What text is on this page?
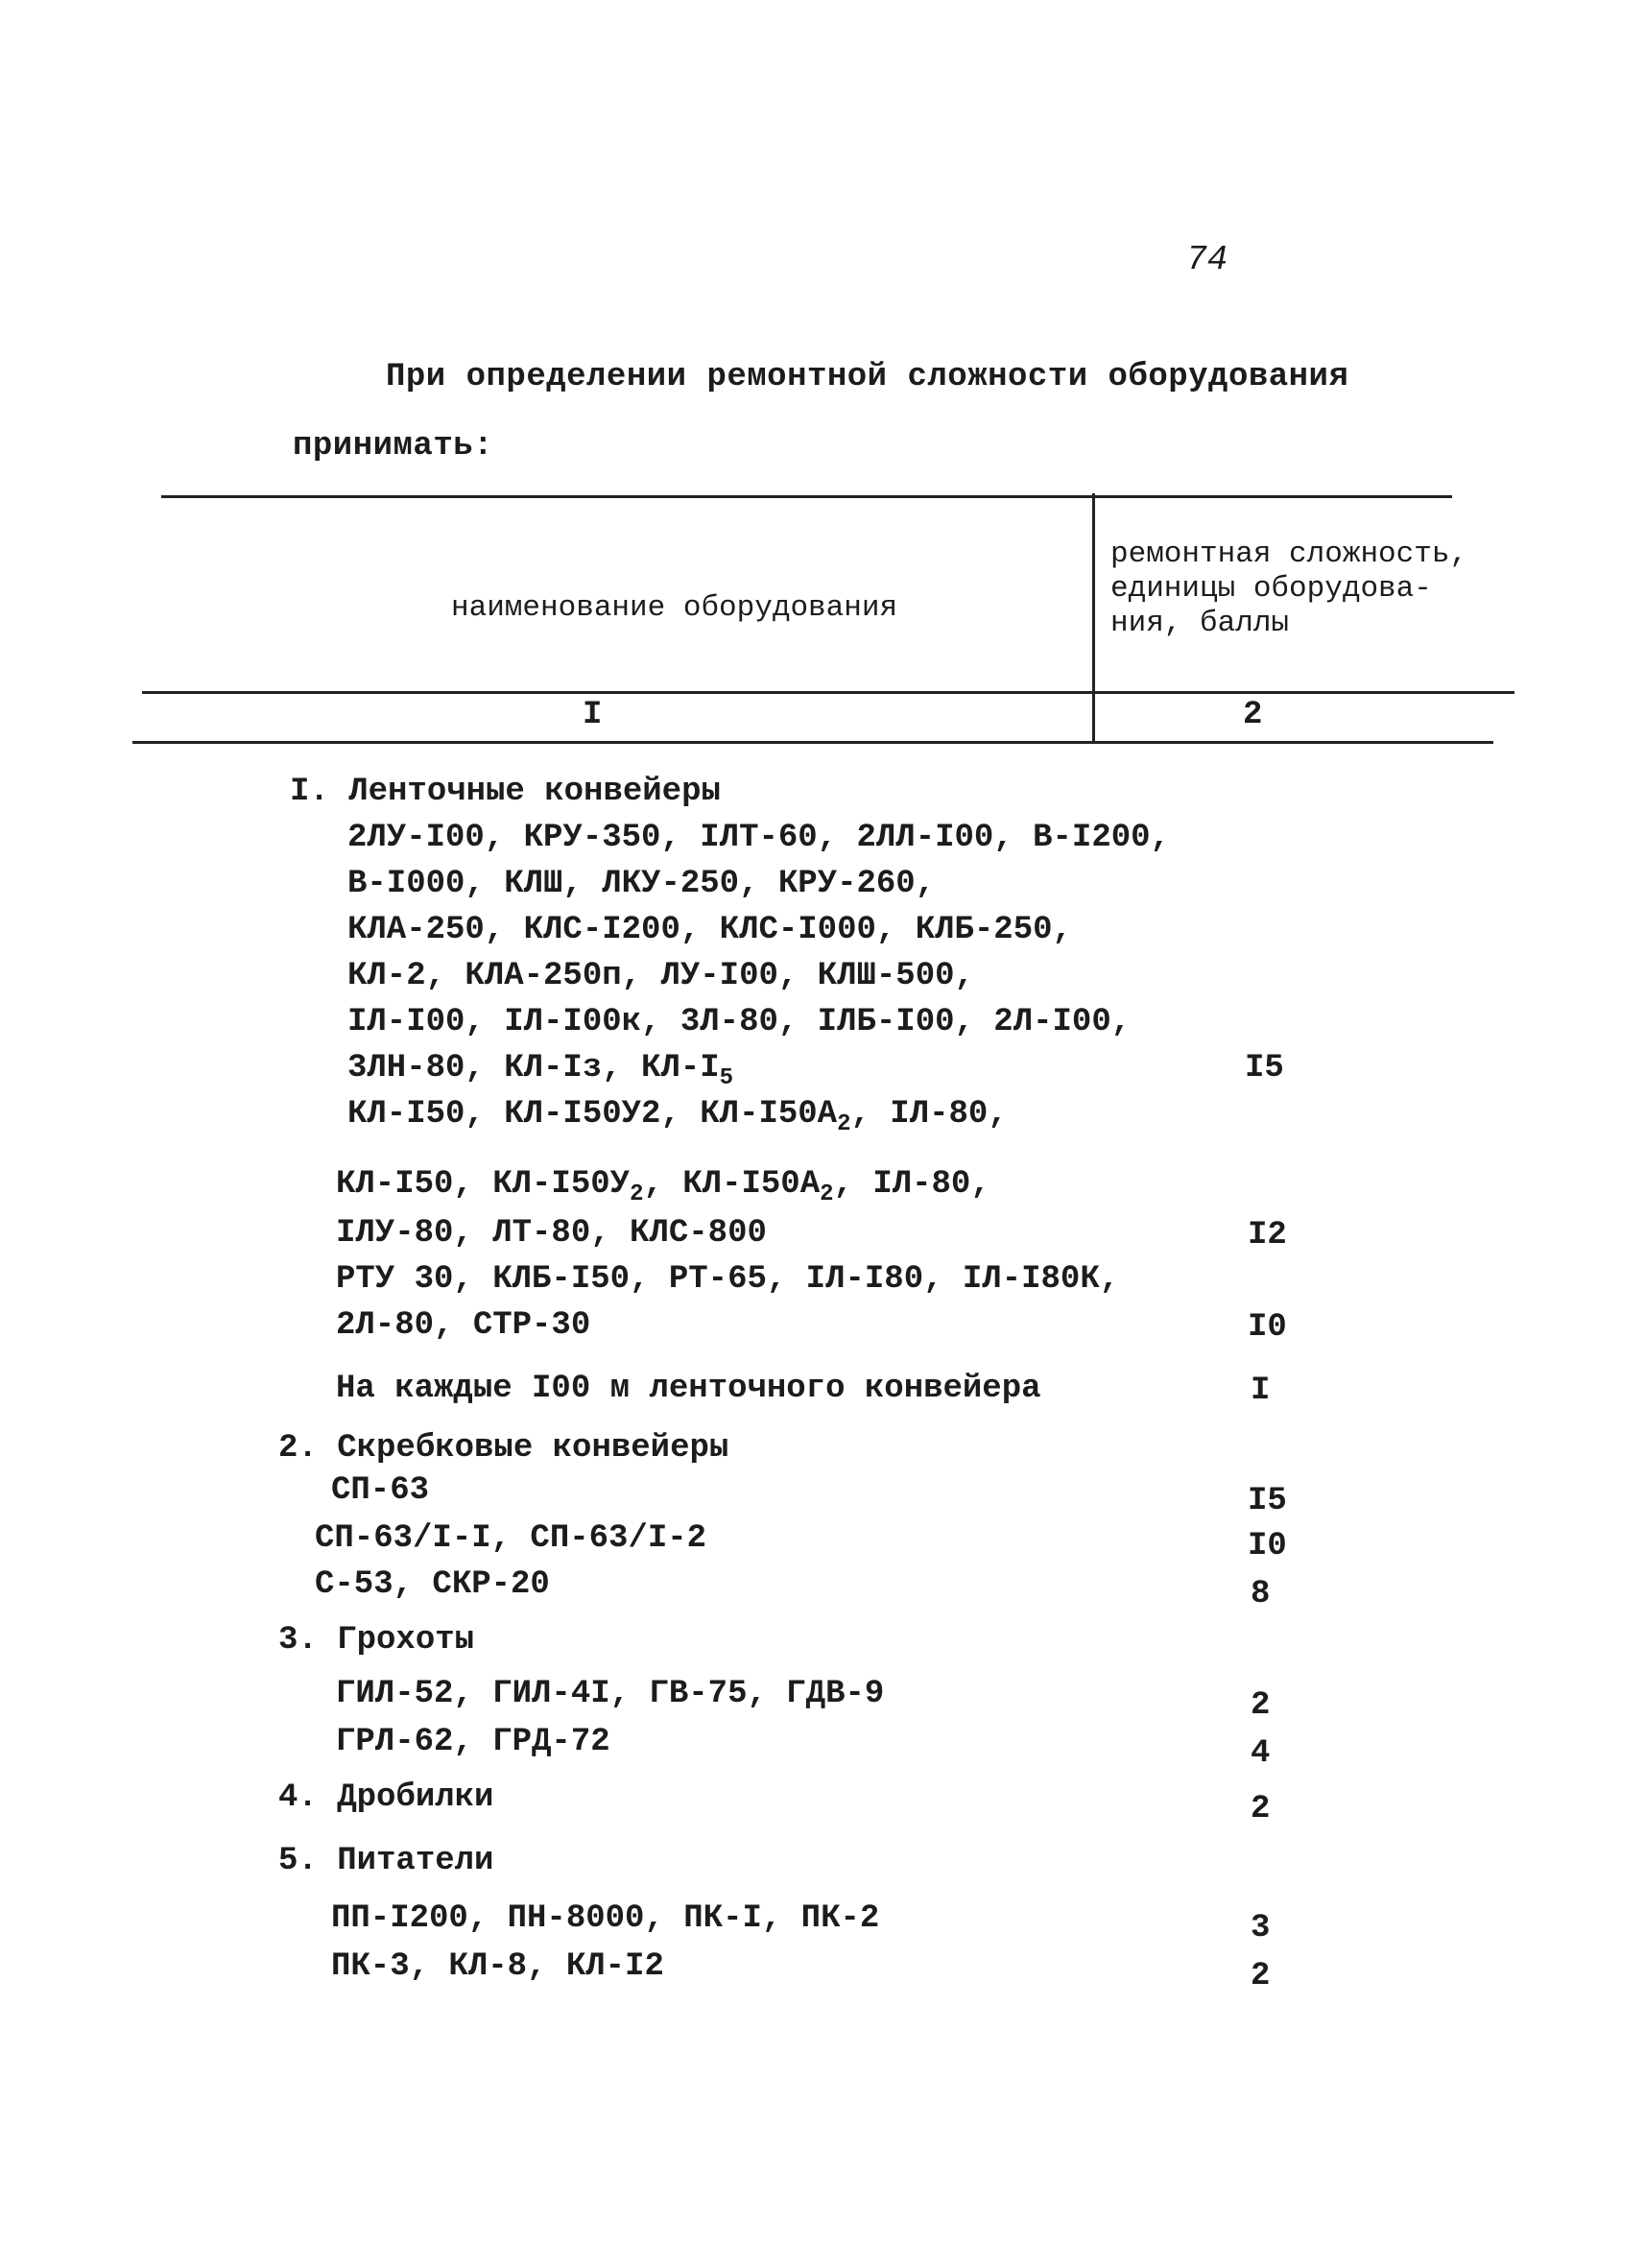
74
При определении ремонтной сложности оборудования
принимать:
наименование оборудования
ремонтная сложность,
единицы оборудова-
ния, баллы
I	2
I. Ленточные конвейеры
2ЛУ-I00, КРУ-350, IЛТ-60, 2ЛЛ-I00, В-I200,
В-I000, КЛШ, ЛКУ-250, КРУ-260,
КЛА-250, КЛС-I200, КЛС-I000, КЛБ-250,
КЛ-2, КЛА-250п, ЛУ-I00, КЛШ-500,
IЛ-I00, IЛ-I00к, 3Л-80, IЛБ-I00, 2Л-I00,
3ЛН-80, КЛ-Iз, $КЛ-I_5$	I5
КЛ-I50, КЛ-I50У2, $КЛ-I50А_2$, IЛ-80,
КЛ-I50, $КЛ-I50У_2$, $КЛ-I50А_2$, IЛ-80,
IЛУ-80, ЛТ-80, КЛС-800	I2
РТУ 30, КЛБ-I50, РТ-65, IЛ-I80, IЛ-I80К,
2Л-80, СТР-30	I0
На каждые I00 м ленточного конвейера	I
2. Скребковые конвейеры
СП-63	I5
СП-63/I-I, СП-63/I-2	I0
С-53, СКР-20	8
3. Грохоты
ГИЛ-52, ГИЛ-4I, ГВ-75, ГДВ-9	2
ГРЛ-62, ГРД-72	4
4. Дробилки	2
5. Питатели
ПП-I200, ПН-8000, ПК-I, ПК-2	3
ПК-3, КЛ-8, КЛ-I2	2
